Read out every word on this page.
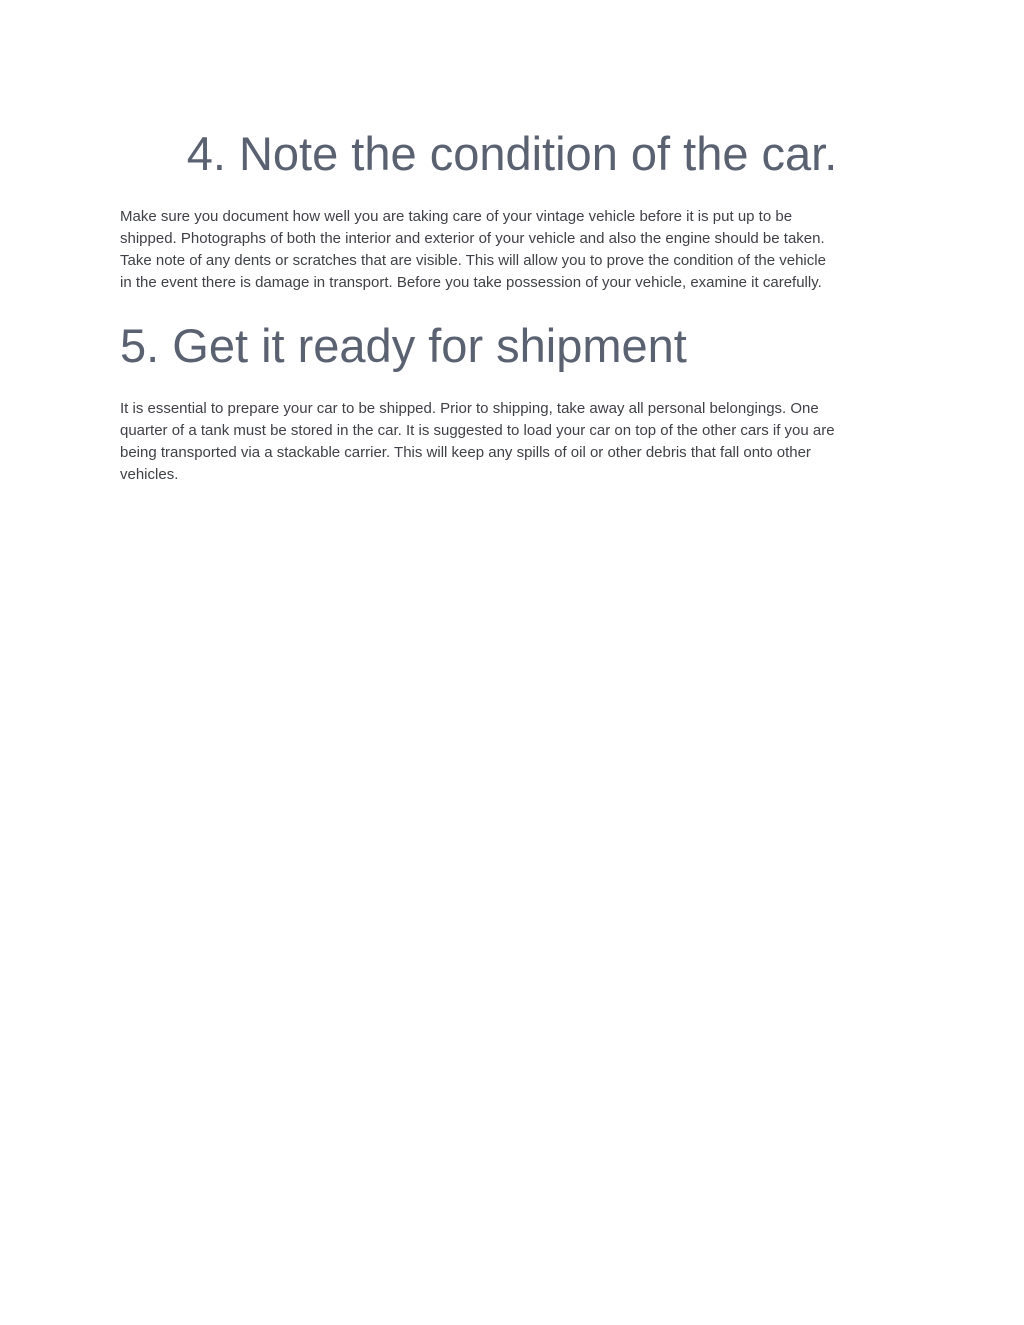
4. Note the condition of the car.

Make sure you document how well you are taking care of your vintage vehicle before it is put up to be
shipped. Photographs of both the interior and exterior of your vehicle and also the engine should be taken.
Take note of any dents or scratches that are visible. This will allow you to prove the condition of the vehicle
in the event there is damage in transport. Before you take possession of your vehicle, examine it carefully.

5. Get it ready for shipment

It is essential to prepare your car to be shipped. Prior to shipping, take away all personal belongings. One
quarter of a tank must be stored in the car. It is suggested to load your car on top of the other cars if you are
being transported via a stackable carrier. This will keep any spills of oil or other debris that fall onto other
vehicles.
